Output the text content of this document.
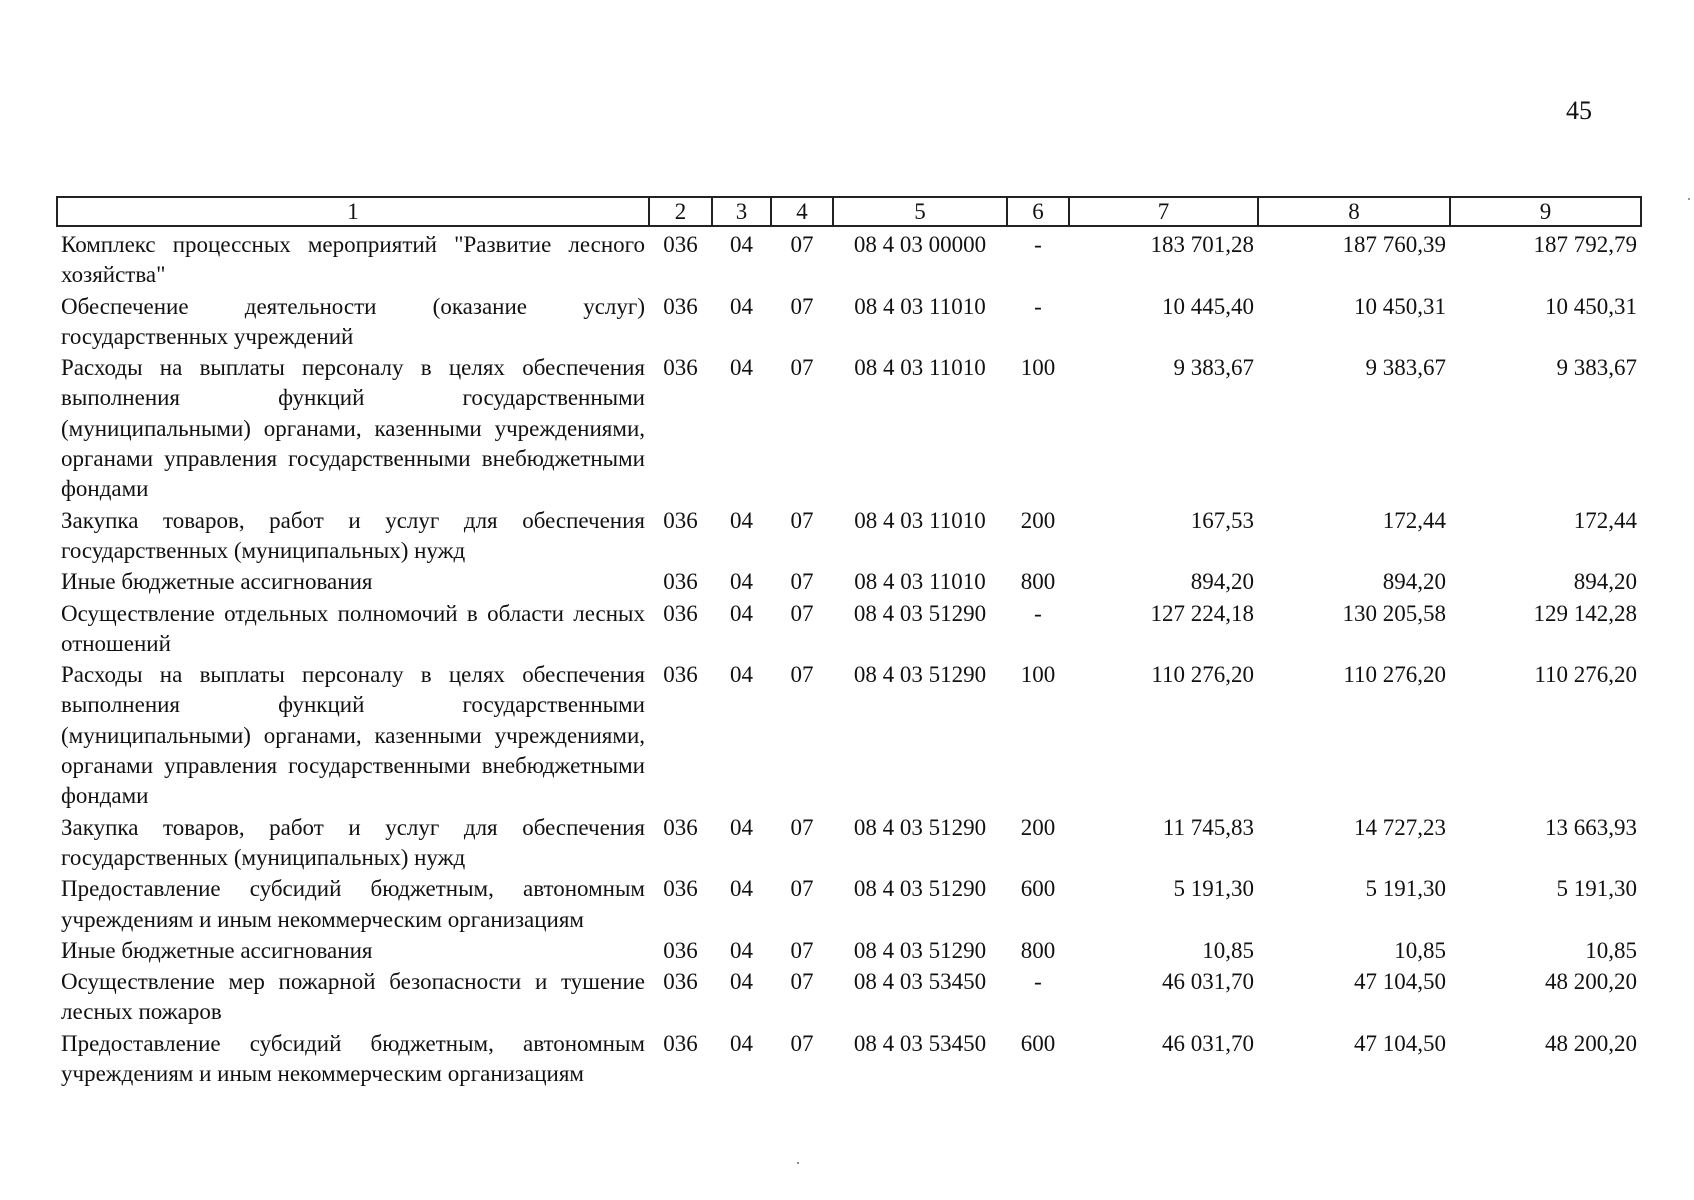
45
1	2	3	4	5	6	7	8	9

Комплекс процессных мероприятий "Развитие лесного хозяйства"	036	04	07	08 4 03 00000	-	183 701,28	187 760,39	187 792,79
Обеспечение деятельности (оказание услуг) государственных учреждений	036	04	07	08 4 03 11010	-	10 445,40	10 450,31	10 450,31
Расходы на выплаты персоналу в целях обеспечения выполнения функций государственными (муниципальными) органами, казенными учреждениями, органами управления государственными внебюджетными фондами	036	04	07	08 4 03 11010	100	9 383,67	9 383,67	9 383,67
Закупка товаров, работ и услуг для обеспечения государственных (муниципальных) нужд	036	04	07	08 4 03 11010	200	167,53	172,44	172,44
Иные бюджетные ассигнования	036	04	07	08 4 03 11010	800	894,20	894,20	894,20
Осуществление отдельных полномочий в области лесных отношений	036	04	07	08 4 03 51290	-	127 224,18	130 205,58	129 142,28
Расходы на выплаты персоналу в целях обеспечения выполнения функций государственными (муниципальными) органами, казенными учреждениями, органами управления государственными внебюджетными фондами	036	04	07	08 4 03 51290	100	110 276,20	110 276,20	110 276,20
Закупка товаров, работ и услуг для обеспечения государственных (муниципальных) нужд	036	04	07	08 4 03 51290	200	11 745,83	14 727,23	13 663,93
Предоставление субсидий бюджетным, автономным учреждениям и иным некоммерческим организациям	036	04	07	08 4 03 51290	600	5 191,30	5 191,30	5 191,30
Иные бюджетные ассигнования	036	04	07	08 4 03 51290	800	10,85	10,85	10,85
Осуществление мер пожарной безопасности и тушение лесных пожаров	036	04	07	08 4 03 53450	-	46 031,70	47 104,50	48 200,20
Предоставление субсидий бюджетным, автономным учреждениям и иным некоммерческим организациям	036	04	07	08 4 03 53450	600	46 031,70	47 104,50	48 200,20
